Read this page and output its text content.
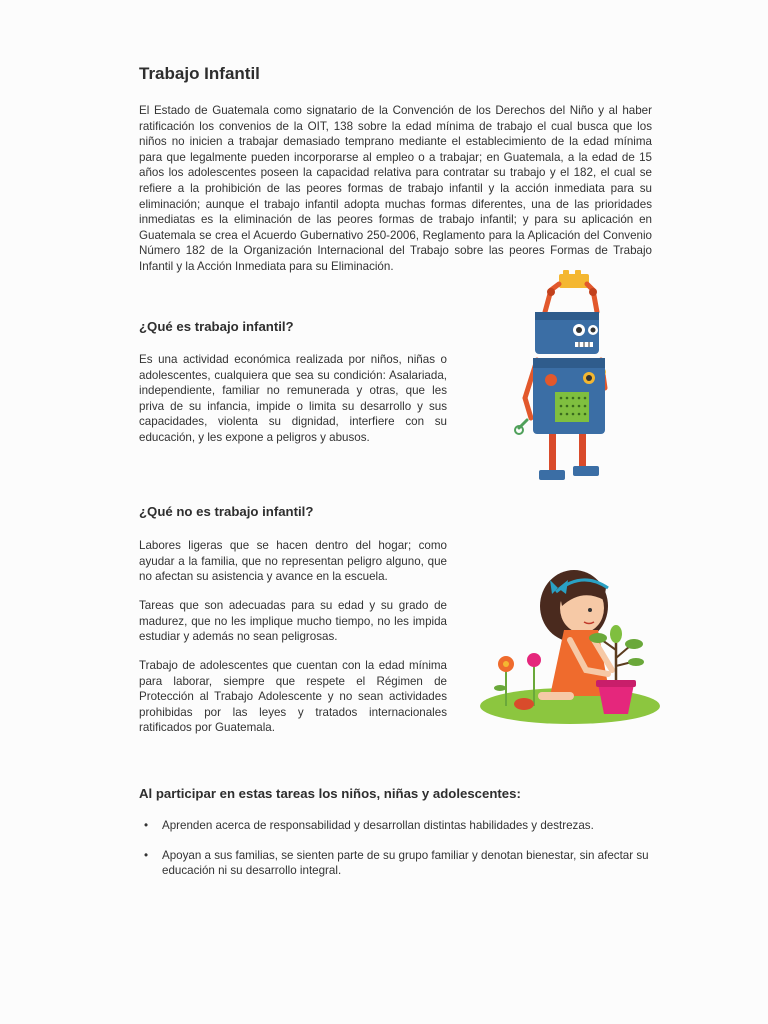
Trabajo Infantil

El Estado de Guatemala como signatario de la Convención de los Derechos del Niño y al haber ratificación los convenios de la OIT, 138 sobre la edad mínima de trabajo el cual busca que los niños no inicien a trabajar demasiado temprano mediante el establecimiento de la edad mínima para que legalmente pueden incorporarse al empleo o a trabajar; en Guatemala, a la edad de 15 años los adolescentes poseen la capacidad relativa para contratar su trabajo y el 182, el cual se refiere a la prohibición de las peores formas de trabajo infantil y la acción inmediata para su eliminación; aunque el trabajo infantil adopta muchas formas diferentes, una de las prioridades inmediatas es la eliminación de las peores formas de trabajo infantil; y para su aplicación en Guatemala se crea el Acuerdo Gubernativo 250-2006, Reglamento para la Aplicación del Convenio Número 182 de la Organización Internacional del Trabajo sobre las peores Formas de Trabajo Infantil y la Acción Inmediata para su Eliminación.

¿Qué es trabajo infantil?

Es una actividad económica realizada por niños, niñas o adolescentes, cualquiera que sea su condición: Asalariada, independiente, familiar no remunerada y otras, que les priva de su infancia, impide o limita su desarrollo y sus capacidades, violenta su dignidad, interfiere con su educación, y les expone a peligros y abusos.

¿Qué no es trabajo infantil?

Labores ligeras que se hacen dentro del hogar; como ayudar a la familia, que no representan peligro alguno, que no afectan su asistencia y avance en la escuela.

Tareas que son adecuadas para su edad y su grado de madurez, que no les implique mucho tiempo, no les impida estudiar y además no sean peligrosas.

Trabajo de adolescentes que cuentan con la edad mínima para laborar, siempre que respete el Régimen de Protección al Trabajo Adolescente y no sean actividades prohibidas por las leyes y tratados internacionales ratificados por Guatemala.

Al participar en estas tareas los niños, niñas y adolescentes:
• Aprenden acerca de responsabilidad y desarrollan distintas habilidades y destrezas.
• Apoyan a sus familias, se sienten parte de su grupo familiar y denotan bienestar, sin afectar su educación ni su desarrollo integral.
